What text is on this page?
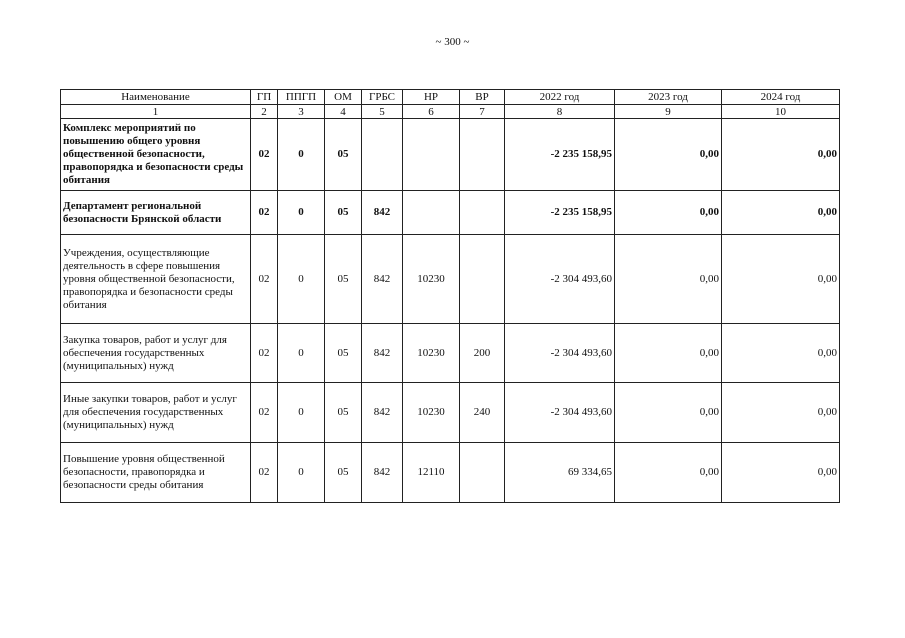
~ 300 ~
Наименование	ГП	ППГП	ОМ	ГРБС	НР	ВР	2022 год	2023 год	2024 год
1	2	3	4	5	6	7	8	9	10
Комплекс мероприятий по повышению общего уровня общественной безопасности, правопорядка и безопасности среды обитания	02	0	05				-2 235 158,95	0,00	0,00
Департамент региональной безопасности Брянской области	02	0	05	842			-2 235 158,95	0,00	0,00
Учреждения, осуществляющие деятельность в сфере повышения уровня общественной безопасности, правопорядка и безопасности среды обитания	02	0	05	842	10230		-2 304 493,60	0,00	0,00
Закупка товаров, работ и услуг для обеспечения государственных (муниципальных) нужд	02	0	05	842	10230	200	-2 304 493,60	0,00	0,00
Иные закупки товаров, работ и услуг для обеспечения государственных (муниципальных) нужд	02	0	05	842	10230	240	-2 304 493,60	0,00	0,00
Повышение уровня общественной безопасности, правопорядка и безопасности среды обитания	02	0	05	842	12110		69 334,65	0,00	0,00
